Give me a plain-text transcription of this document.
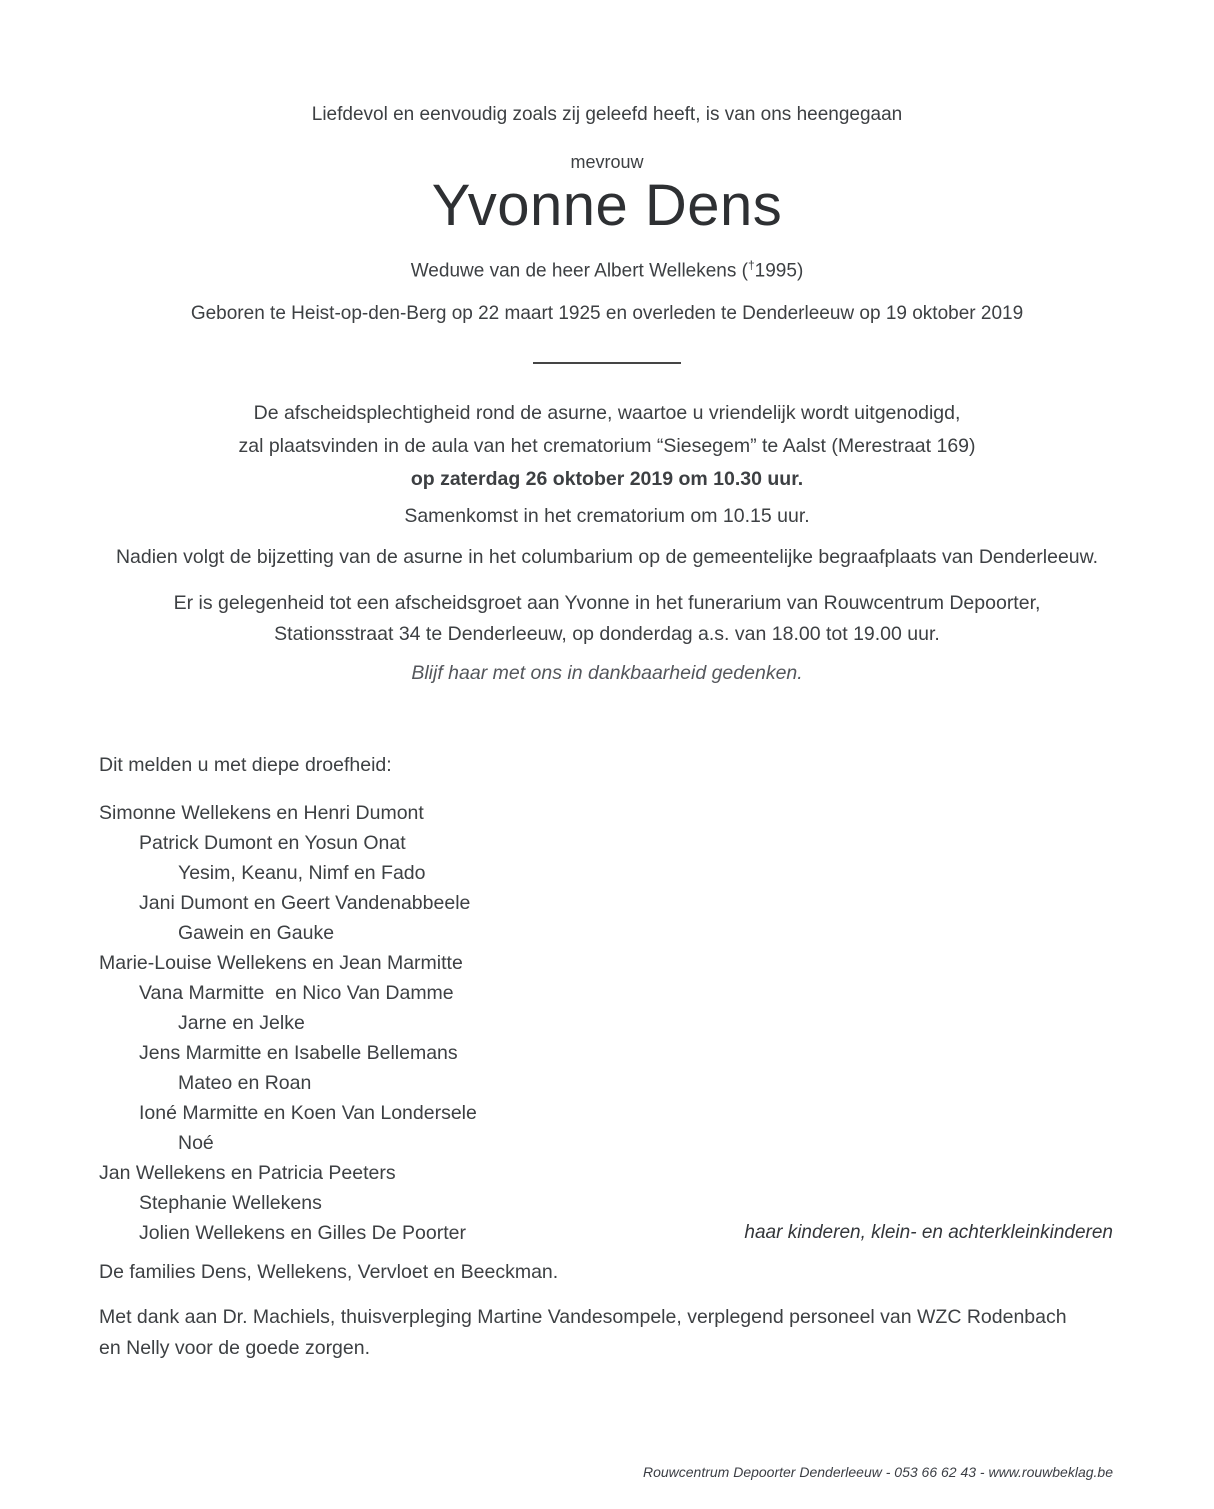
Liefdevol en eenvoudig zoals zij geleefd heeft, is van ons heengegaan
mevrouw
Yvonne Dens
Weduwe van de heer Albert Wellekens (†1995)
Geboren te Heist-op-den-Berg op 22 maart 1925 en overleden te Denderleeuw op 19 oktober 2019
De afscheidsplechtigheid rond de asurne, waartoe u vriendelijk wordt uitgenodigd,
zal plaatsvinden in de aula van het crematorium “Siesegem” te Aalst (Merestraat 169)
op zaterdag 26 oktober 2019 om 10.30 uur.
Samenkomst in het crematorium om 10.15 uur.
Nadien volgt de bijzetting van de asurne in het columbarium op de gemeentelijke begraafplaats van Denderleeuw.
Er is gelegenheid tot een afscheidsgroet aan Yvonne in het funerarium van Rouwcentrum Depoorter,
Stationsstraat 34 te Denderleeuw, op donderdag a.s. van 18.00 tot 19.00 uur.
Blijf haar met ons in dankbaarheid gedenken.
Dit melden u met diepe droefheid:
Simonne Wellekens en Henri Dumont
Patrick Dumont en Yosun Onat
Yesim, Keanu, Nimf en Fado
Jani Dumont en Geert Vandenabbeele
Gawein en Gauke
Marie-Louise Wellekens en Jean Marmitte
Vana Marmitte  en Nico Van Damme
Jarne en Jelke
Jens Marmitte en Isabelle Bellemans
Mateo en Roan
Ioné Marmitte en Koen Van Londersele
Noé
Jan Wellekens en Patricia Peeters
Stephanie Wellekens
Jolien Wellekens en Gilles De Poorter	haar kinderen, klein- en achterkleinkinderen
De families Dens, Wellekens, Vervloet en Beeckman.
Met dank aan Dr. Machiels, thuisverpleging Martine Vandesompele, verplegend personeel van WZC Rodenbach
en Nelly voor de goede zorgen.
Rouwcentrum Depoorter Denderleeuw - 053 66 62 43 - www.rouwbeklag.be
